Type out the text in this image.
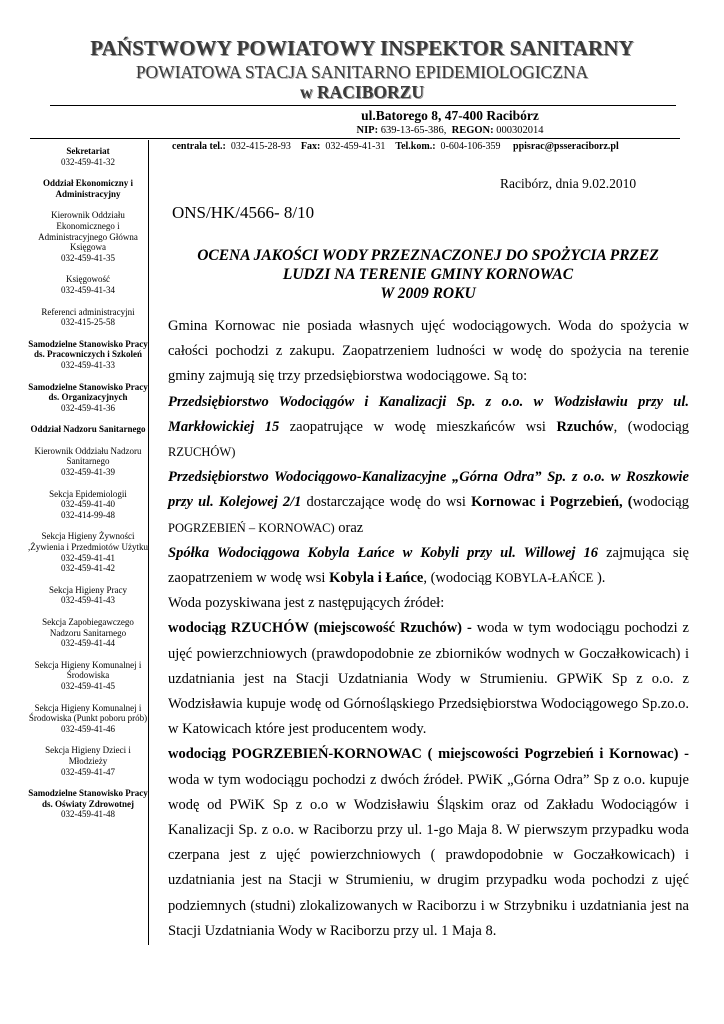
PAŃSTWOWY POWIATOWY INSPEKTOR SANITARNY
POWIATOWA STACJA SANITARNO EPIDEMIOLOGICZNA
w RACIBORZU
ul.Batorego 8, 47-400 Racibórz
NIP: 639-13-65-386, REGON: 000302014
centrala tel.: 032-415-28-93 Fax: 032-459-41-31 Tel.kom.: 0-604-106-359 ppisrac@psseraciborz.pl
Sekretariat
032-459-41-32
Oddział Ekonomiczny i Administracyjny
Kierownik Oddziału Ekonomicznego i Administracyjnego Główna Księgowa
032-459-41-35
Księgowość
032-459-41-34
Referenci administracyjni
032-415-25-58
Samodzielne Stanowisko Pracy ds. Pracowniczych i Szkoleń
032-459-41-33
Samodzielne Stanowisko Pracy ds. Organizacyjnych
032-459-41-36
Oddział Nadzoru Sanitarnego
Kierownik Oddziału Nadzoru Sanitarnego
032-459-41-39
Sekcja Epidemiologii
032-459-41-40
032-414-99-48
Sekcja Higieny Żywności ,Żywienia i Przedmiotów Użytku
032-459-41-41
032-459-41-42
Sekcja Higieny Pracy
032-459-41-43
Sekcja Zapobiegawczego Nadzoru Sanitarnego
032-459-41-44
Sekcja Higieny Komunalnej i Środowiska
032-459-41-45
Sekcja Higieny Komunalnej i Środowiska (Punkt poboru prób)
032-459-41-46
Sekcja Higieny Dzieci i Młodzieży
032-459-41-47
Samodzielne Stanowisko Pracy ds. Oświaty Zdrowotnej
032-459-41-48
Racibórz, dnia 9.02.2010
ONS/HK/4566- 8/10
OCENA JAKOŚCI WODY PRZEZNACZONEJ DO SPOŻYCIA PRZEZ
LUDZI NA TERENIE GMINY KORNOWAC
W 2009 ROKU

Gmina Kornowac nie posiada własnych ujęć wodociągowych. Woda do spożycia w całości pochodzi z zakupu. Zaopatrzeniem ludności w wodę do spożycia na terenie gminy zajmują się trzy przedsiębiorstwa wodociągowe. Są to:

Przedsiębiorstwo Wodociągów i Kanalizacji Sp. z o.o. w Wodzisławiu przy ul. Markłowickiej 15 zaopatrujące w wodę mieszkańców wsi Rzuchów, (wodociąg RZUCHÓW)

Przedsiębiorstwo Wodociągowo-Kanalizacyjne „Górna Odra” Sp. z o.o. w Roszkowie przy ul. Kolejowej 2/1 dostarczające wodę do wsi Kornowac i Pogrzebień, (wodociąg POGRZEBIEŃ – KORNOWAC) oraz

Spółka Wodociągowa Kobyla Łańce w Kobyli przy ul. Willowej 16 zajmująca się zaopatrzeniem w wodę wsi Kobyla i Łańce, (wodociąg KOBYLA-ŁAŃCE ).

Woda pozyskiwana jest z następujących źródeł:

wodociąg RZUCHÓW (miejscowość Rzuchów) - woda w tym wodociągu pochodzi z ujęć powierzchniowych (prawdopodobnie ze zbiorników wodnych w Goczałkowicach) i uzdatniania jest na Stacji Uzdatniania Wody w Strumieniu. GPWiK Sp z o.o. z Wodzisławia kupuje wodę od Górnośląskiego Przedsiębiorstwa Wodociągowego Sp.zo.o. w Katowicach które jest producentem wody.

wodociąg POGRZEBIEŃ-KORNOWAC ( miejscowości Pogrzebień i Kornowac) - woda w tym wodociągu pochodzi z dwóch źródeł. PWiK „Górna Odra” Sp z o.o. kupuje wodę od PWiK Sp z o.o w Wodzisławiu Śląskim oraz od Zakładu Wodociągów i Kanalizacji Sp. z o.o. w Raciborzu przy ul. 1-go Maja 8. W pierwszym przypadku woda czerpana jest z ujęć powierzchniowych ( prawdopodobnie w Goczałkowicach) i uzdatniania jest na Stacji w Strumieniu, w drugim przypadku woda pochodzi z ujęć podziemnych (studni) zlokalizowanych w Raciborzu i w Strzybniku i uzdatniania jest na Stacji Uzdatniania Wody w Raciborzu przy ul. 1 Maja 8.
